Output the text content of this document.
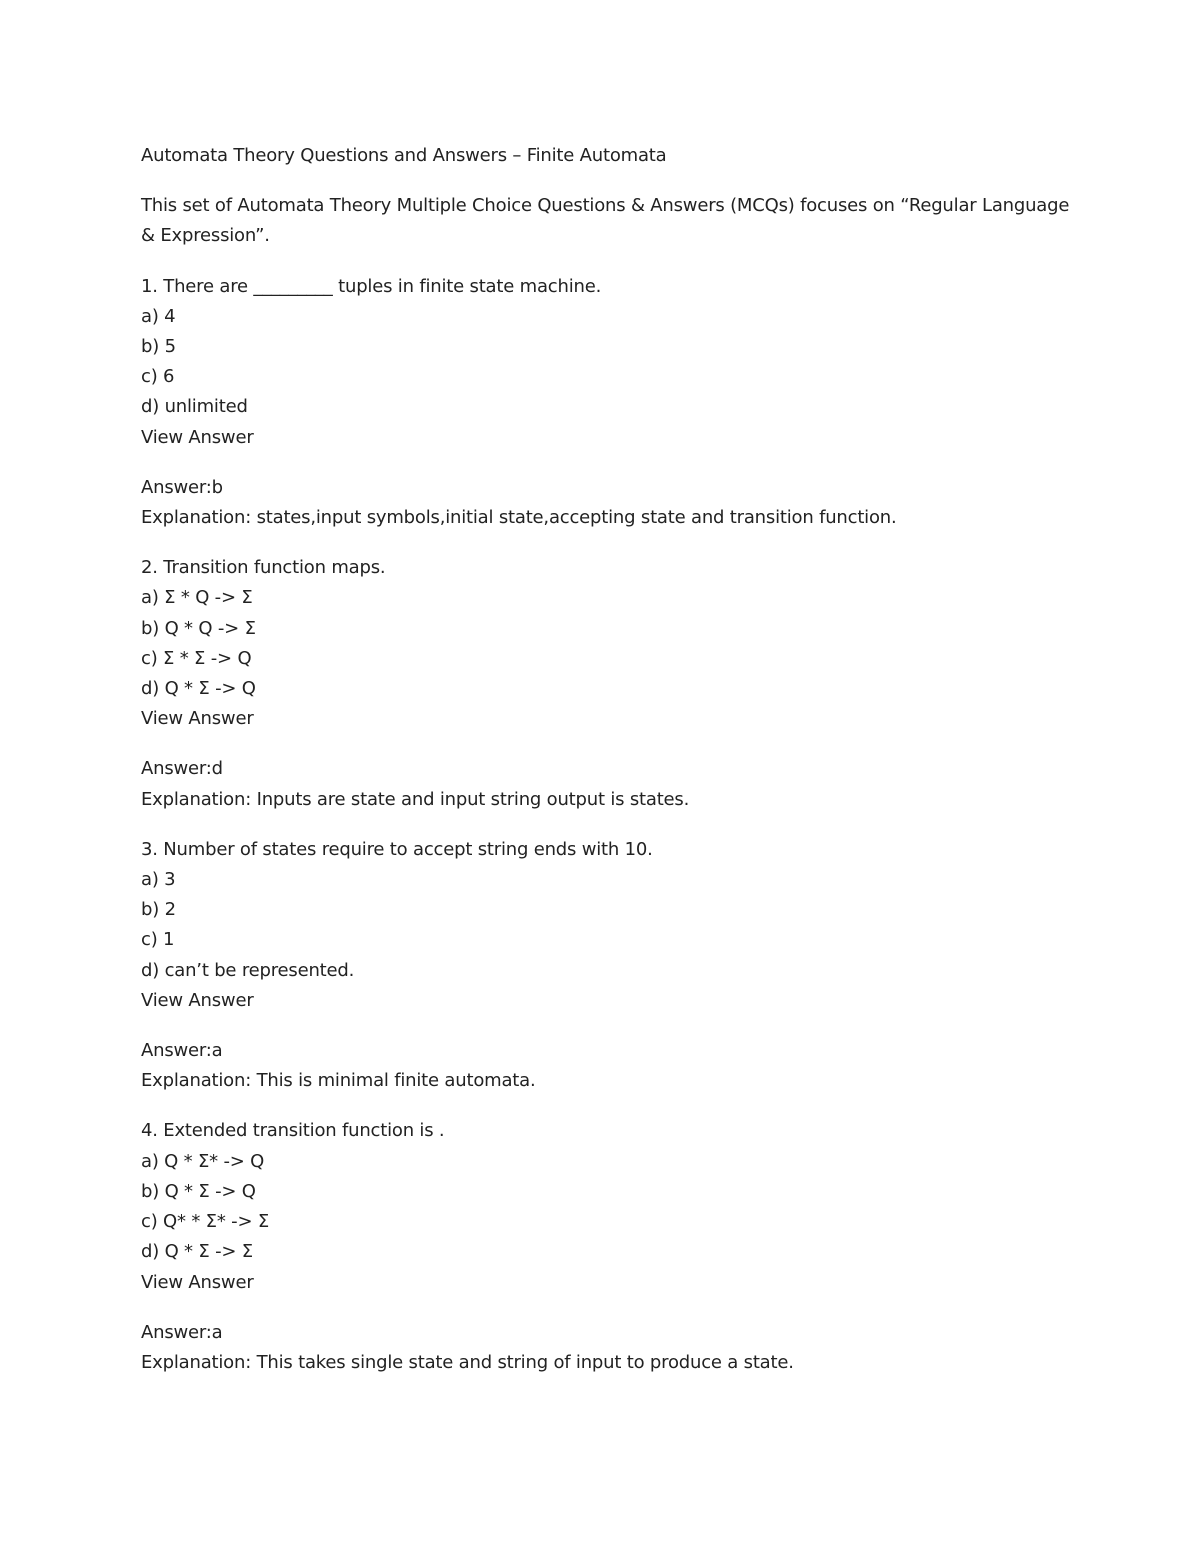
Automata Theory Questions and Answers – Finite Automata

This set of Automata Theory Multiple Choice Questions & Answers (MCQs) focuses on “Regular Language & Expression”.

1. There are _________ tuples in finite state machine.
a) 4
b) 5
c) 6
d) unlimited
View Answer
Answer:b
Explanation: states,input symbols,initial state,accepting state and transition function.
2. Transition function maps.
a) Σ * Q -> Σ
b) Q * Q -> Σ
c) Σ * Σ -> Q
d) Q * Σ -> Q
View Answer
Answer:d
Explanation: Inputs are state and input string output is states.
3. Number of states require to accept string ends with 10.
a) 3
b) 2
c) 1
d) can’t be represented.
View Answer
Answer:a
Explanation: This is minimal finite automata.
4. Extended transition function is .
a) Q * Σ* -> Q
b) Q * Σ -> Q
c) Q* * Σ* -> Σ
d) Q * Σ -> Σ
View Answer
Answer:a
Explanation: This takes single state and string of input to produce a state.
